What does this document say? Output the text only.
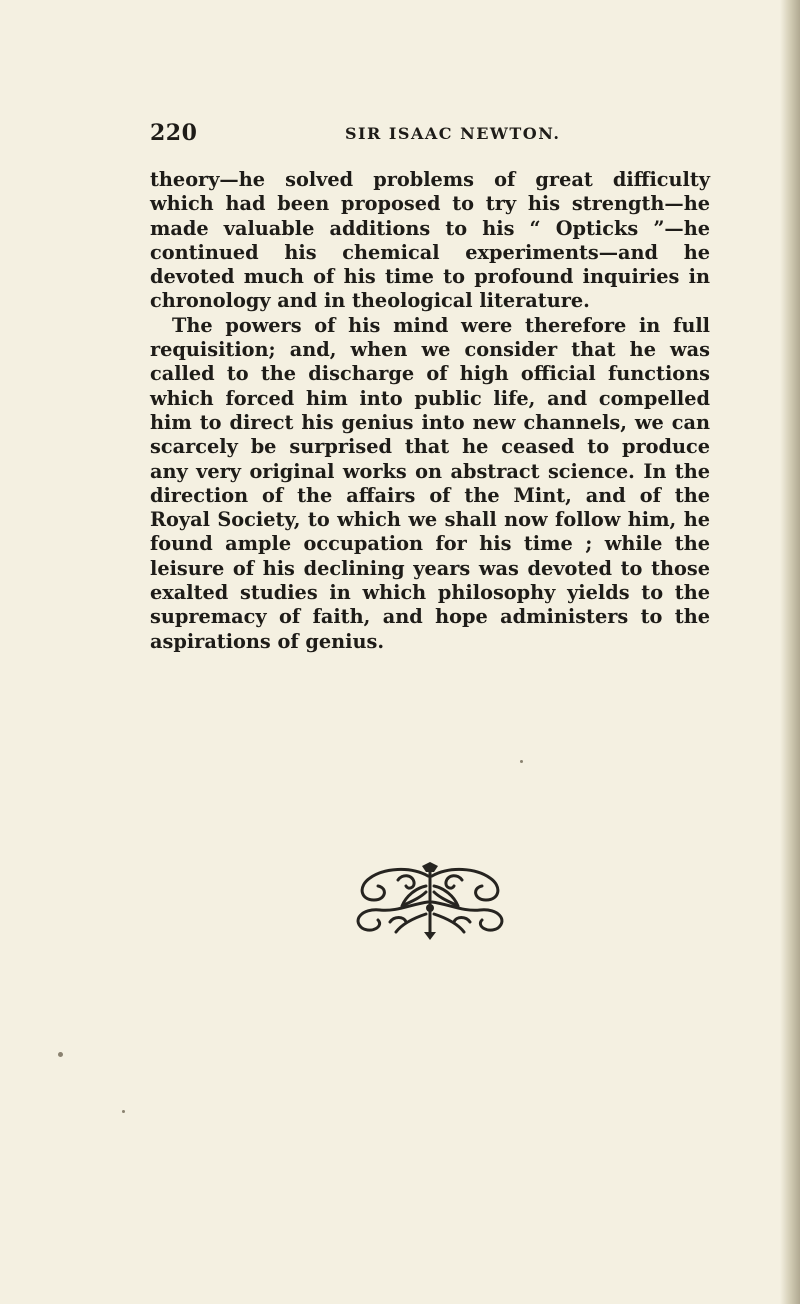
220	SIR ISAAC NEWTON.

theory—he solved problems of great difficulty which had been proposed to try his strength—he made valuable additions to his “ Opticks ”—he continued his chemical experiments—and he devoted much of his time to profound inquiries in chronology and in theological literature.

The powers of his mind were therefore in full requisition; and, when we consider that he was called to the discharge of high official functions which forced him into public life, and compelled him to direct his genius into new channels, we can scarcely be surprised that he ceased to produce any very original works on abstract science. In the direction of the affairs of the Mint, and of the Royal Society, to which we shall now follow him, he found ample occupation for his time ; while the leisure of his declining years was devoted to those exalted studies in which philosophy yields to the supremacy of faith, and hope administers to the aspirations of genius.
